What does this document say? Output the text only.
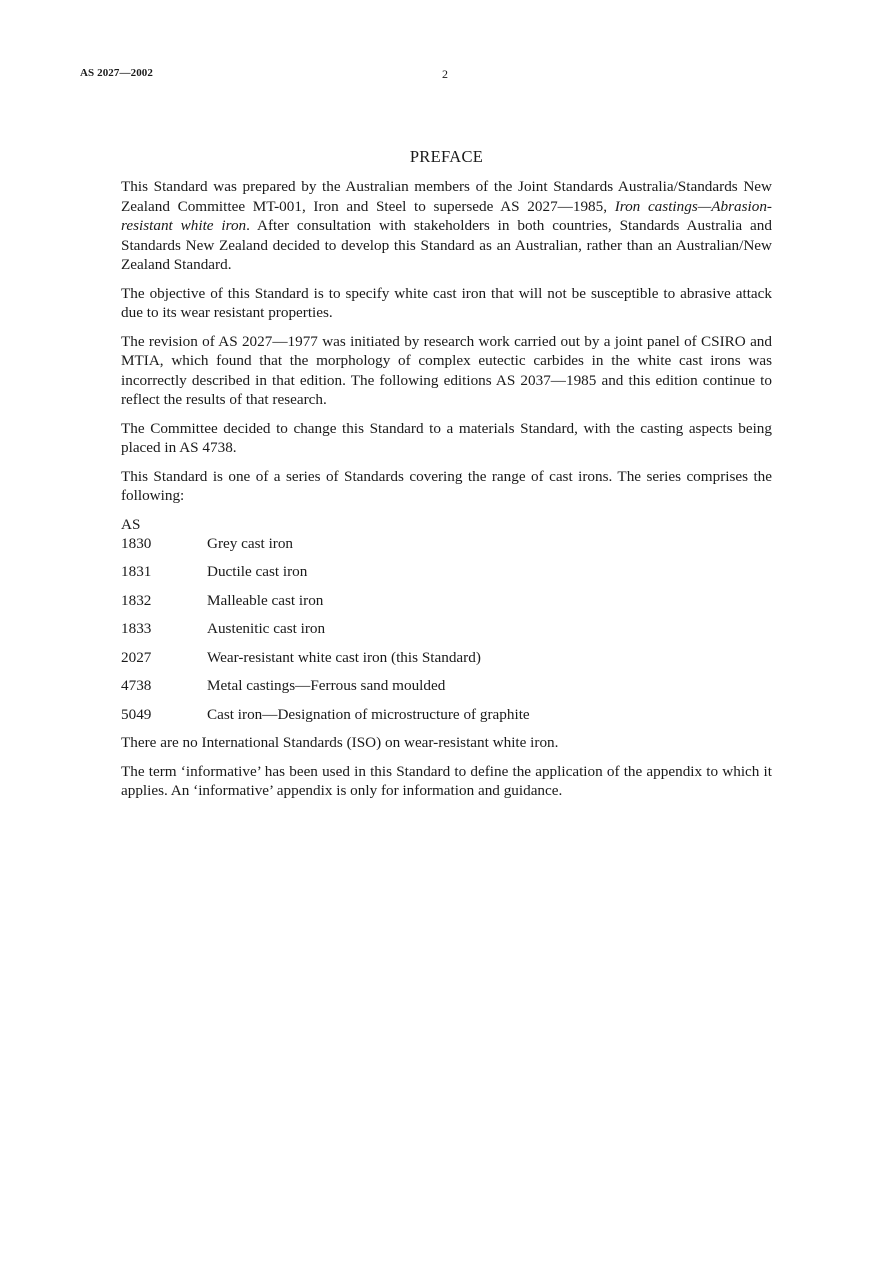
AS 2027—2002	2
PREFACE

This Standard was prepared by the Australian members of the Joint Standards Australia/Standards New Zealand Committee MT-001, Iron and Steel to supersede AS 2027—1985, Iron castings—Abrasion-resistant white iron. After consultation with stakeholders in both countries, Standards Australia and Standards New Zealand decided to develop this Standard as an Australian, rather than an Australian/New Zealand Standard.

The objective of this Standard is to specify white cast iron that will not be susceptible to abrasive attack due to its wear resistant properties.

The revision of AS 2027—1977 was initiated by research work carried out by a joint panel of CSIRO and MTIA, which found that the morphology of complex eutectic carbides in the white cast irons was incorrectly described in that edition. The following editions AS 2037—1985 and this edition continue to reflect the results of that research.

The Committee decided to change this Standard to a materials Standard, with the casting aspects being placed in AS 4738.

This Standard is one of a series of Standards covering the range of cast irons. The series comprises the following:

AS
1830	Grey cast iron
1831	Ductile cast iron
1832	Malleable cast iron
1833	Austenitic cast iron
2027	Wear-resistant white cast iron (this Standard)
4738	Metal castings—Ferrous sand moulded
5049	Cast iron—Designation of microstructure of graphite

There are no International Standards (ISO) on wear-resistant white iron.

The term ‘informative’ has been used in this Standard to define the application of the appendix to which it applies. An ‘informative’ appendix is only for information and guidance.
